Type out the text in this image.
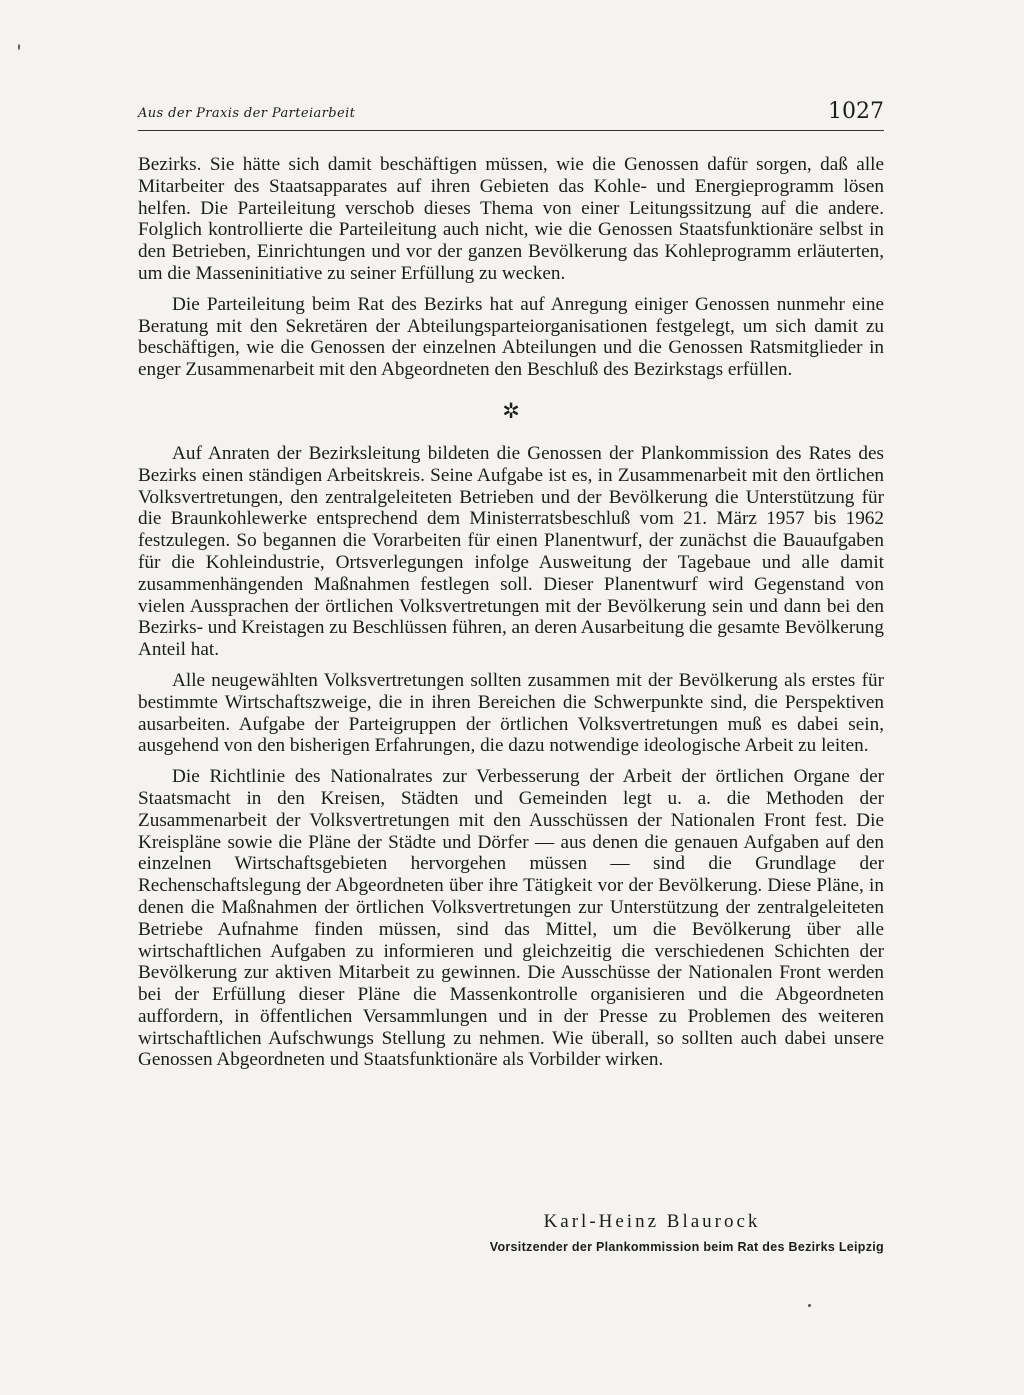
Aus der Praxis der Parteiarbeit	1027

Bezirks. Sie hätte sich damit beschäftigen müssen, wie die Genossen dafür sorgen, daß alle Mitarbeiter des Staatsapparates auf ihren Gebieten das Kohle- und Energieprogramm lösen helfen. Die Parteileitung verschob dieses Thema von einer Leitungssitzung auf die andere. Folglich kontrollierte die Parteileitung auch nicht, wie die Genossen Staatsfunktionäre selbst in den Betrieben, Einrichtungen und vor der ganzen Bevölkerung das Kohleprogramm erläuterten, um die Masseninitiative zu seiner Erfüllung zu wecken.

Die Parteileitung beim Rat des Bezirks hat auf Anregung einiger Genossen nunmehr eine Beratung mit den Sekretären der Abteilungsparteiorganisationen festgelegt, um sich damit zu beschäftigen, wie die Genossen der einzelnen Abteilungen und die Genossen Ratsmitglieder in enger Zusammenarbeit mit den Abgeordneten den Beschluß des Bezirkstags erfüllen.

✲

Auf Anraten der Bezirksleitung bildeten die Genossen der Plankommission des Rates des Bezirks einen ständigen Arbeitskreis. Seine Aufgabe ist es, in Zusammenarbeit mit den örtlichen Volksvertretungen, den zentralgeleiteten Betrieben und der Bevölkerung die Unterstützung für die Braunkohlewerke entsprechend dem Ministerratsbeschluß vom 21. März 1957 bis 1962 festzulegen. So begannen die Vorarbeiten für einen Planentwurf, der zunächst die Bauaufgaben für die Kohleindustrie, Ortsverlegungen infolge Ausweitung der Tagebaue und alle damit zusammenhängenden Maßnahmen festlegen soll. Dieser Planentwurf wird Gegenstand von vielen Aussprachen der örtlichen Volksvertretungen mit der Bevölkerung sein und dann bei den Bezirks- und Kreistagen zu Beschlüssen führen, an deren Ausarbeitung die gesamte Bevölkerung Anteil hat.

Alle neugewählten Volksvertretungen sollten zusammen mit der Bevölkerung als erstes für bestimmte Wirtschaftszweige, die in ihren Bereichen die Schwerpunkte sind, die Perspektiven ausarbeiten. Aufgabe der Parteigruppen der örtlichen Volksvertretungen muß es dabei sein, ausgehend von den bisherigen Erfahrungen, die dazu notwendige ideologische Arbeit zu leiten.

Die Richtlinie des Nationalrates zur Verbesserung der Arbeit der örtlichen Organe der Staatsmacht in den Kreisen, Städten und Gemeinden legt u. a. die Methoden der Zusammenarbeit der Volksvertretungen mit den Ausschüssen der Nationalen Front fest. Die Kreispläne sowie die Pläne der Städte und Dörfer — aus denen die genauen Aufgaben auf den einzelnen Wirtschaftsgebieten hervorgehen müssen — sind die Grundlage der Rechenschaftslegung der Abgeordneten über ihre Tätigkeit vor der Bevölkerung. Diese Pläne, in denen die Maßnahmen der örtlichen Volksvertretungen zur Unterstützung der zentralgeleiteten Betriebe Aufnahme finden müssen, sind das Mittel, um die Bevölkerung über alle wirtschaftlichen Aufgaben zu informieren und gleichzeitig die verschiedenen Schichten der Bevölkerung zur aktiven Mitarbeit zu gewinnen. Die Ausschüsse der Nationalen Front werden bei der Erfüllung dieser Pläne die Massenkontrolle organisieren und die Abgeordneten auffordern, in öffentlichen Versammlungen und in der Presse zu Problemen des weiteren wirtschaftlichen Aufschwungs Stellung zu nehmen. Wie überall, so sollten auch dabei unsere Genossen Abgeordneten und Staatsfunktionäre als Vorbilder wirken.

Karl-Heinz Blaurock
Vorsitzender der Plankommission beim Rat des Bezirks Leipzig
